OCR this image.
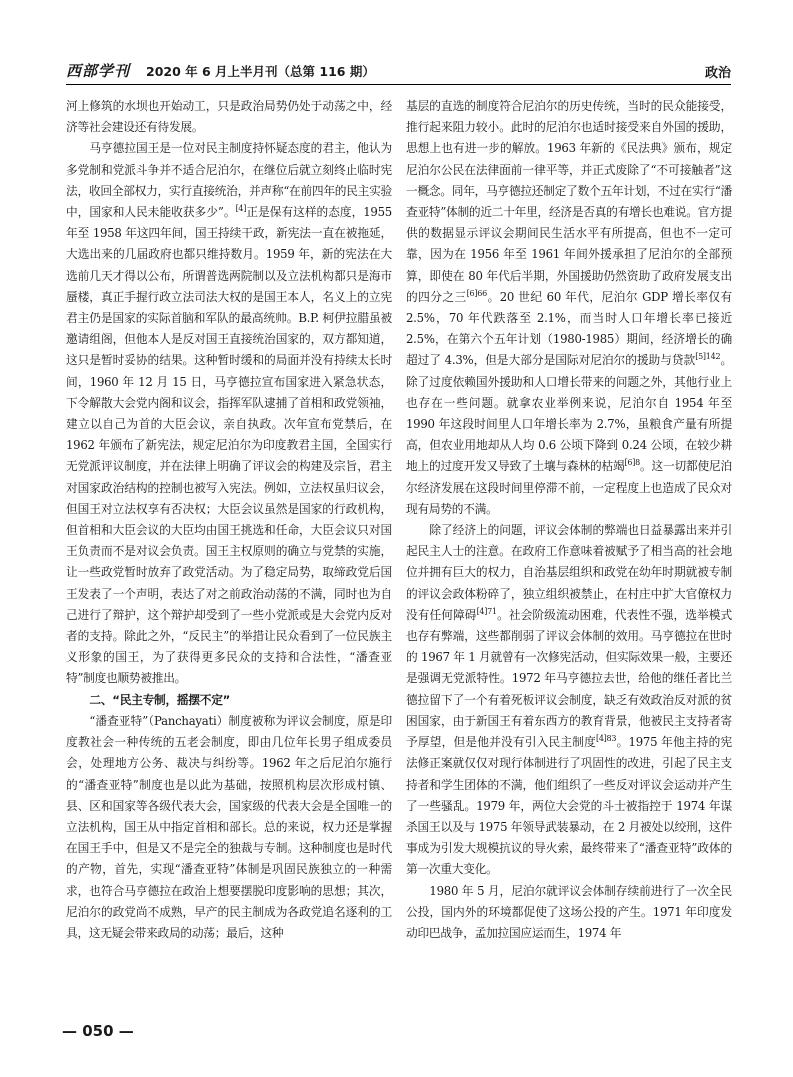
西部学刊 2020 年 6 月上半月刊（总第 116 期）	政治

河上修筑的水坝也开始动工，只是政治局势仍处于动荡之中，经济等社会建设还有待发展。

马亨德拉国王是一位对民主制度持怀疑态度的君主，他认为多党制和党派斗争并不适合尼泊尔，在继位后就立刻终止临时宪法，收回全部权力，实行直接统治，并声称“在前四年的民主实验中，国家和人民未能收获多少”。[4]正是保有这样的态度，1955 年至 1958 年这四年间，国王持续干政，新宪法一直在被拖延，大选出来的几届政府也都只维持数月。1959 年，新的宪法在大选前几天才得以公布，所谓普选两院制以及立法机构都只是海市蜃楼，真正手握行政立法司法大权的是国王本人，名义上的立宪君主仍是国家的实际首脑和军队的最高统帅。B.P. 柯伊拉腊虽被邀请组阁，但他本人是反对国王直接统治国家的，双方都知道，这只是暂时妥协的结果。这种暂时缓和的局面并没有持续太长时间，1960 年 12 月 15 日，马亨德拉宣布国家进入紧急状态，下令解散大会党内阁和议会，指挥军队逮捕了首相和政党领袖，建立以自己为首的大臣会议，亲自执政。次年宣布党禁后，在 1962 年颁布了新宪法，规定尼泊尔为印度教君主国，全国实行无党派评议制度，并在法律上明确了评议会的构建及宗旨，君主对国家政治结构的控制也被写入宪法。例如，立法权虽归议会，但国王对立法权享有否决权；大臣会议虽然是国家的行政机构，但首相和大臣会议的大臣均由国王挑选和任命，大臣会议只对国王负责而不是对议会负责。国王主权原则的确立与党禁的实施，让一些政党暂时放弃了政党活动。为了稳定局势，取缔政党后国王发表了一个声明，表达了对之前政治动荡的不满，同时也为自己进行了辩护，这个辩护却受到了一些小党派或是大会党内反对者的支持。除此之外，“反民主”的举措让民众看到了一位民族主义形象的国王，为了获得更多民众的支持和合法性，“潘查亚特”制度也顺势被推出。

二、“民主专制，摇摆不定”

“潘查亚特”（Panchayati）制度被称为评议会制度，原是印度教社会一种传统的五老会制度，即由几位年长男子组成委员会，处理地方公务、裁决与纠纷等。1962 年之后尼泊尔施行的“潘查亚特”制度也是以此为基础，按照机构层次形成村镇、县、区和国家等各级代表大会，国家级的代表大会是全国唯一的立法机构，国王从中指定首相和部长。总的来说，权力还是掌握在国王手中，但是又不是完全的独裁与专制。这种制度也是时代的产物，首先，实现“潘查亚特”体制是巩固民族独立的一种需求，也符合马亨德拉在政治上想要摆脱印度影响的思想；其次，尼泊尔的政党尚不成熟，早产的民主制成为各政党追名逐利的工具，这无疑会带来政局的动荡；最后，这种

基层的直选的制度符合尼泊尔的历史传统，当时的民众能接受，推行起来阻力较小。此时的尼泊尔也适时接受来自外国的援助，思想上也有进一步的解放。1963 年新的《民法典》颁布，规定尼泊尔公民在法律面前一律平等，并正式废除了“不可接触者”这一概念。同年，马亨德拉还制定了数个五年计划，不过在实行“潘查亚特”体制的近二十年里，经济是否真的有增长也难说。官方提供的数据显示评议会期间民生活水平有所提高，但也不一定可靠，因为在 1956 年至 1961 年间外援承担了尼泊尔的全部预算，即使在 80 年代后半期，外国援助仍然资助了政府发展支出的四分之三$^{[6]66}$。20 世纪 60 年代，尼泊尔 GDP 增长率仅有 2.5%，70 年代跌落至 2.1%，而当时人口年增长率已接近 2.5%，在第六个五年计划（1980-1985）期间，经济增长的确超过了 4.3%，但是大部分是国际对尼泊尔的援助与贷款$^{[5]142}$。除了过度依赖国外援助和人口增长带来的问题之外，其他行业上也存在一些问题。就拿农业举例来说，尼泊尔自 1954 年至 1990 年这段时间里人口年增长率为 2.7%，虽粮食产量有所提高，但农业用地却从人均 0.6 公顷下降到 0.24 公顷，在较少耕地上的过度开发又导致了土壤与森林的枯竭$^{[6]8}$。这一切都使尼泊尔经济发展在这段时间里停滞不前，一定程度上也造成了民众对现有局势的不满。

除了经济上的问题，评议会体制的弊端也日益暴露出来并引起民主人士的注意。在政府工作意味着被赋予了相当高的社会地位并拥有巨大的权力，自治基层组织和政党在幼年时期就被专制的评议会政体粉碎了，独立组织被禁止，在村庄中扩大官僚权力没有任何障碍$^{[4]71}$。社会阶级流动困难，代表性不强，选举模式也存有弊端，这些都削弱了评议会体制的效用。马亨德拉在世时的 1967 年 1 月就曾有一次修宪活动，但实际效果一般，主要还是强调无党派特性。1972 年马亨德拉去世，给他的继任者比兰德拉留下了一个有着死板评议会制度，缺乏有效政治反对派的贫困国家，由于新国王有着东西方的教育背景，他被民主支持者寄予厚望，但是他并没有引入民主制度$^{[4]83}$。1975 年他主持的宪法修正案就仅仅对现行体制进行了巩固性的改进，引起了民主支持者和学生团体的不满，他们组织了一些反对评议会运动并产生了一些骚乱。1979 年，两位大会党的斗士被指控于 1974 年谋杀国王以及与 1975 年领导武装暴动，在 2 月被处以绞刑，这件事成为引发大规模抗议的导火索，最终带来了“潘查亚特”政体的第一次重大变化。

1980 年 5 月，尼泊尔就评议会体制存续前进行了一次全民公投，国内外的环境都促使了这场公投的产生。1971 年印度发动印巴战争，孟加拉国应运而生，1974 年

— 050 —
